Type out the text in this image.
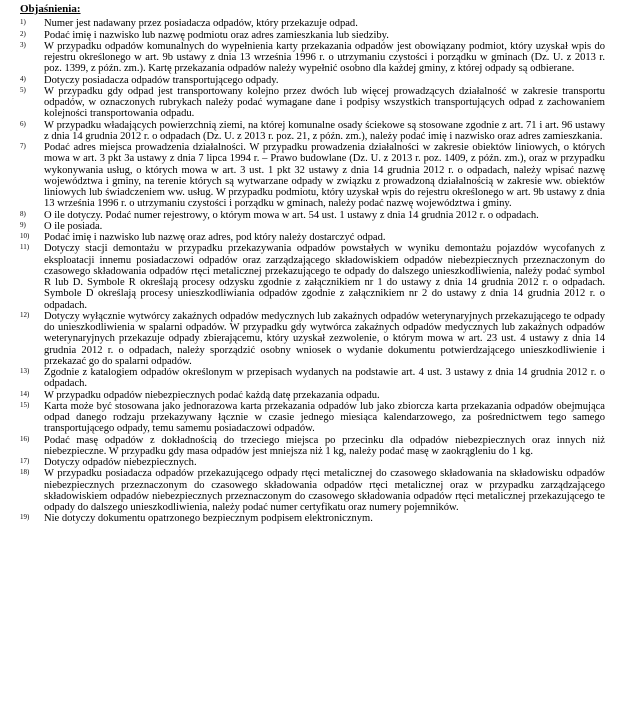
Objaśnienia:
1)	Numer jest nadawany przez posiadacza odpadów, który przekazuje odpad.
2)	Podać imię i nazwisko lub nazwę podmiotu oraz adres zamieszkania lub siedziby.
3)	W przypadku odpadów komunalnych do wypełnienia karty przekazania odpadów jest obowiązany podmiot, który uzyskał wpis do rejestru określonego w art. 9b ustawy z dnia 13 września 1996 r. o utrzymaniu czystości i porządku w gminach (Dz. U. z 2013 r. poz. 1399, z późn. zm.). Kartę przekazania odpadów należy wypełnić osobno dla każdej gminy, z której odpady są odbierane.
4)	Dotyczy posiadacza odpadów transportującego odpady.
5)	W przypadku gdy odpad jest transportowany kolejno przez dwóch lub więcej prowadzących działalność w zakresie transportu odpadów, w oznaczonych rubrykach należy podać wymagane dane i podpisy wszystkich transportujących odpad z zachowaniem kolejności transportowania odpadu.
6)	W przypadku władających powierzchnią ziemi, na której komunalne osady ściekowe są stosowane zgodnie z art. 71 i art. 96 ustawy z dnia 14 grudnia 2012 r. o odpadach (Dz. U. z 2013 r. poz. 21, z późn. zm.), należy podać imię i nazwisko oraz adres zamieszkania.
7)	Podać adres miejsca prowadzenia działalności. W przypadku prowadzenia działalności w zakresie obiektów liniowych, o których mowa w art. 3 pkt 3a ustawy z dnia 7 lipca 1994 r. – Prawo budowlane (Dz. U. z 2013 r. poz. 1409, z późn. zm.), oraz w przypadku wykonywania usług, o których mowa w art. 3 ust. 1 pkt 32 ustawy z dnia 14 grudnia 2012 r. o odpadach, należy wpisać nazwę województwa i gminy, na terenie których są wytwarzane odpady w związku z prowadzoną działalnością w zakresie ww. obiektów liniowych lub świadczeniem ww. usług. W przypadku podmiotu, który uzyskał wpis do rejestru określonego w art. 9b ustawy z dnia 13 września 1996 r. o utrzymaniu czystości i porządku w gminach, należy podać nazwę województwa i gminy.
8)	O ile dotyczy. Podać numer rejestrowy, o którym mowa w art. 54 ust. 1 ustawy z dnia 14 grudnia 2012 r. o odpadach.
9)	O ile posiada.
10)	Podać imię i nazwisko lub nazwę oraz adres, pod który należy dostarczyć odpad.
11)	Dotyczy stacji demontażu w przypadku przekazywania odpadów powstałych w wyniku demontażu pojazdów wycofanych z eksploatacji innemu posiadaczowi odpadów oraz zarządzającego składowiskiem odpadów niebezpiecznych przeznaczonym do czasowego składowania odpadów rtęci metalicznej przekazującego te odpady do dalszego unieszkodliwienia, należy podać symbol R lub D. Symbole R określają procesy odzysku zgodnie z załącznikiem nr 1 do ustawy z dnia 14 grudnia 2012 r. o odpadach. Symbole D określają procesy unieszkodliwiania odpadów zgodnie z załącznikiem nr 2 do ustawy z dnia 14 grudnia 2012 r. o odpadach.
12)	Dotyczy wyłącznie wytwórcy zakaźnych odpadów medycznych lub zakaźnych odpadów weterynaryjnych przekazującego te odpady do unieszkodliwienia w spalarni odpadów. W przypadku gdy wytwórca zakaźnych odpadów medycznych lub zakaźnych odpadów weterynaryjnych przekazuje odpady zbierającemu, który uzyskał zezwolenie, o którym mowa w art. 23 ust. 4 ustawy z dnia 14 grudnia 2012 r. o odpadach, należy sporządzić osobny wniosek o wydanie dokumentu potwierdzającego unieszkodliwienie i przekazać go do spalarni odpadów.
13)	Zgodnie z katalogiem odpadów określonym w przepisach wydanych na podstawie art. 4 ust. 3 ustawy z dnia 14 grudnia 2012 r. o odpadach.
14)	W przypadku odpadów niebezpiecznych podać każdą datę przekazania odpadu.
15)	Karta może być stosowana jako jednorazowa karta przekazania odpadów lub jako zbiorcza karta przekazania odpadów obejmująca odpad danego rodzaju przekazywany łącznie w czasie jednego miesiąca kalendarzowego, za pośrednictwem tego samego transportującego odpady, temu samemu posiadaczowi odpadów.
16)	Podać masę odpadów z dokładnością do trzeciego miejsca po przecinku dla odpadów niebezpiecznych oraz innych niż niebezpieczne. W przypadku gdy masa odpadów jest mniejsza niż 1 kg, należy podać masę w zaokrągleniu do 1 kg.
17)	Dotyczy odpadów niebezpiecznych.
18)	W przypadku posiadacza odpadów przekazującego odpady rtęci metalicznej do czasowego składowania na składowisku odpadów niebezpiecznych przeznaczonym do czasowego składowania odpadów rtęci metalicznej oraz w przypadku zarządzającego składowiskiem odpadów niebezpiecznych przeznaczonym do czasowego składowania odpadów rtęci metalicznej przekazującego te odpady do dalszego unieszkodliwienia, należy podać numer certyfikatu oraz numery pojemników.
19)	Nie dotyczy dokumentu opatrzonego bezpiecznym podpisem elektronicznym.
